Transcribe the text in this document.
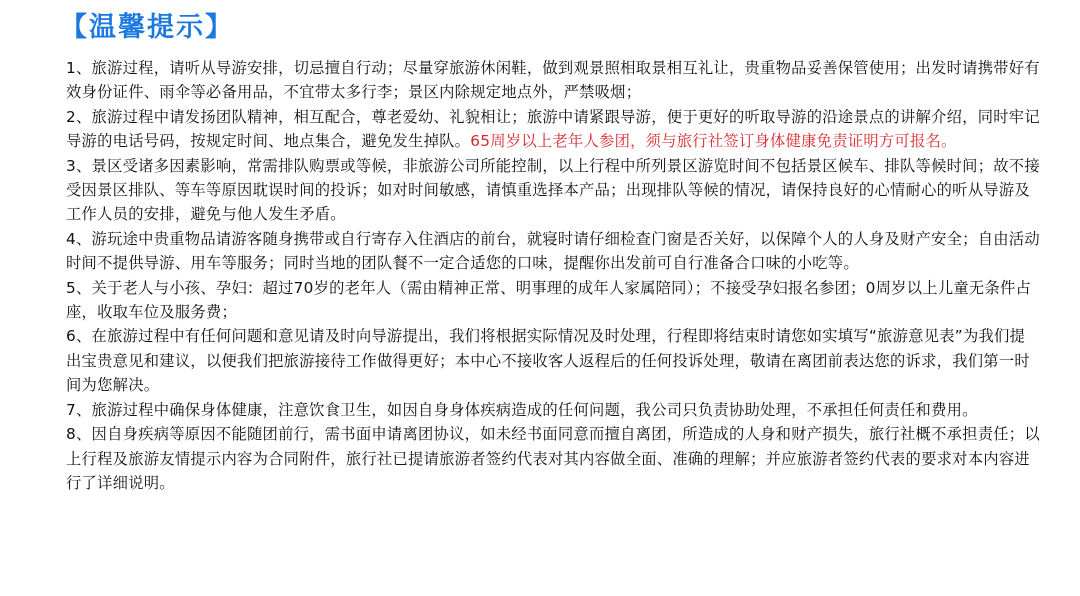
【温馨提示】

1、旅游过程，请听从导游安排，切忌擅自行动；尽量穿旅游休闲鞋，做到观景照相取景相互礼让，贵重物品妥善保管使用；出发时请携带好有效身份证件、雨伞等必备用品，不宜带太多行李；景区内除规定地点外，严禁吸烟；

2、旅游过程中请发扬团队精神，相互配合，尊老爱幼、礼貌相让；旅游中请紧跟导游，便于更好的听取导游的沿途景点的讲解介绍，同时牢记导游的电话号码，按规定时间、地点集合，避免发生掉队。65周岁以上老年人参团，须与旅行社签订身体健康免责证明方可报名。

3、景区受诸多因素影响，常需排队购票或等候，非旅游公司所能控制，以上行程中所列景区游览时间不包括景区候车、排队等候时间；故不接受因景区排队、等车等原因耽误时间的投诉；如对时间敏感，请慎重选择本产品；出现排队等候的情况，请保持良好的心情耐心的听从导游及工作人员的安排，避免与他人发生矛盾。

4、游玩途中贵重物品请游客随身携带或自行寄存入住酒店的前台，就寝时请仔细检查门窗是否关好，以保障个人的人身及财产安全；自由活动时间不提供导游、用车等服务；同时当地的团队餐不一定合适您的口味，提醒你出发前可自行准备合口味的小吃等。

5、关于老人与小孩、孕妇：超过70岁的老年人（需由精神正常、明事理的成年人家属陪同）；不接受孕妇报名参团；0周岁以上儿童无条件占座，收取车位及服务费；

6、在旅游过程中有任何问题和意见请及时向导游提出，我们将根据实际情况及时处理，行程即将结束时请您如实填写“旅游意见表”为我们提出宝贵意见和建议，以便我们把旅游接待工作做得更好；本中心不接收客人返程后的任何投诉处理，敬请在离团前表达您的诉求，我们第一时间为您解决。

7、旅游过程中确保身体健康，注意饮食卫生，如因自身身体疾病造成的任何问题，我公司只负责协助处理，不承担任何责任和费用。

8、因自身疾病等原因不能随团前行，需书面申请离团协议，如未经书面同意而擅自离团，所造成的人身和财产损失，旅行社概不承担责任；以上行程及旅游友情提示内容为合同附件，旅行社已提请旅游者签约代表对其内容做全面、准确的理解；并应旅游者签约代表的要求对本内容进行了详细说明。
